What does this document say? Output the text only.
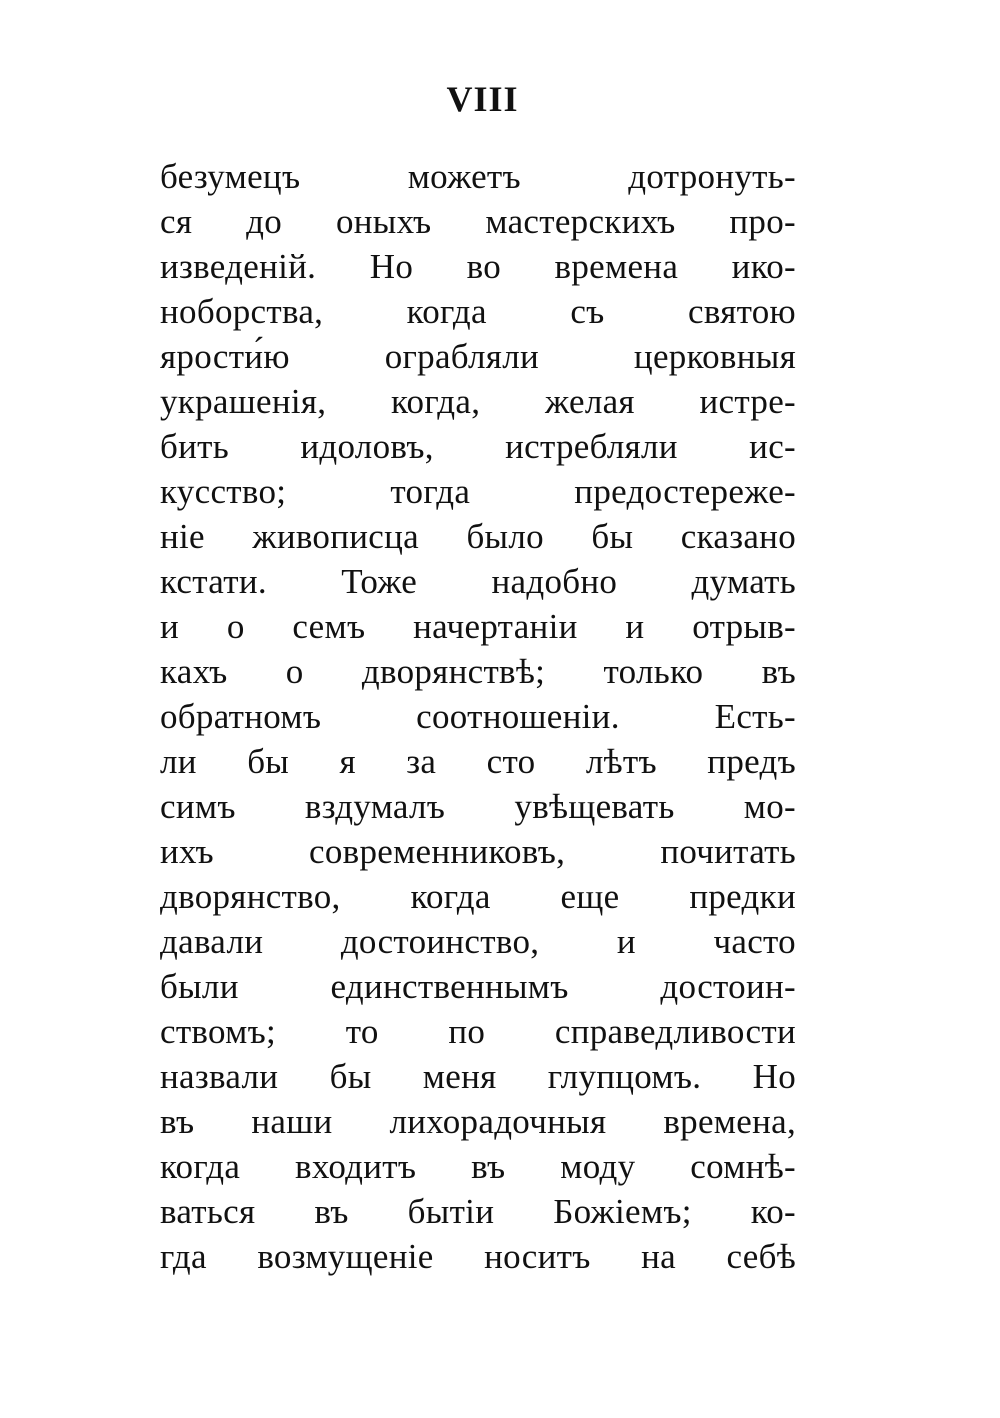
VIII
безумецъ можетъ дотронуть-
ся до оныхъ мастерскихъ про-
изведеній. Но во времена ико-
ноборства, когда съ святою
ярости́ю ограбляли церковныя
украшенія, когда, желая истре-
бить идоловъ, истребляли ис-
кусство; тогда предостереже-
ніе живописца было бы сказано
кстати. Тоже надобно думать
и о семъ начертаніи и отрыв-
кахъ о дворянствѣ; только въ
обратномъ соотношеніи. Есть-
ли бы я за сто лѣтъ предъ
симъ вздумалъ увѣщевать мо-
ихъ современниковъ, почитать
дворянство, когда еще предки
давали достоинство, и часто
были единственнымъ достоин-
ствомъ; то по справедливости
назвали бы меня глупцомъ. Но
въ наши лихорадочныя времена,
когда входитъ въ моду сомнѣ-
ваться въ бытіи Божіемъ; ко-
гда возмущеніе носитъ на себѣ
